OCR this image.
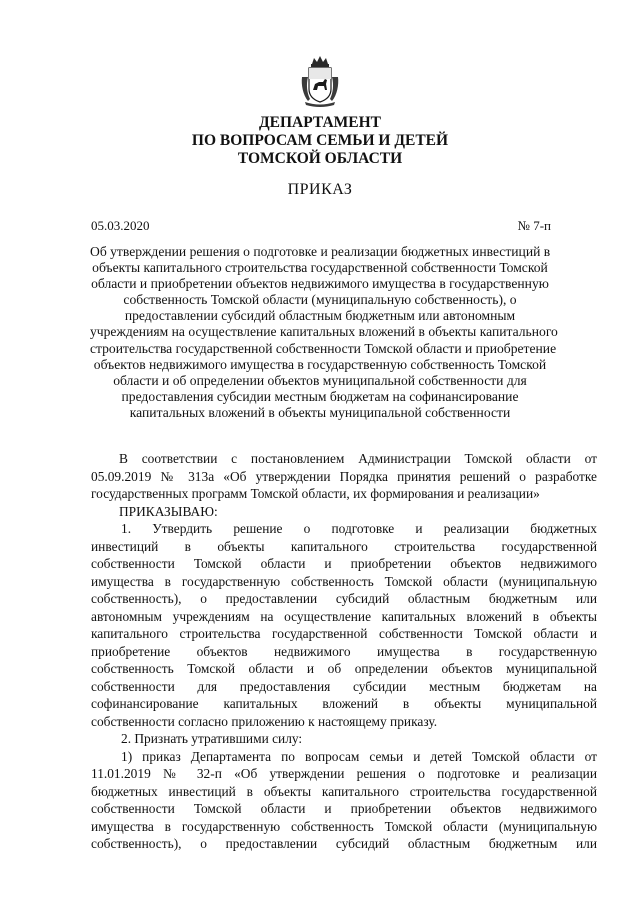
ДЕПАРТАМЕНТ
ПО ВОПРОСАМ СЕМЬИ И ДЕТЕЙ
ТОМСКОЙ ОБЛАСТИ
ПРИКАЗ
05.03.2020	№ 7-п
Об утверждении решения о подготовке и реализации бюджетных инвестиций в
объекты капитального строительства государственной собственности Томской
области и приобретении объектов недвижимого имущества в государственную
собственность Томской области (муниципальную собственность), о
предоставлении субсидий областным бюджетным или автономным
учреждениям на осуществление капитальных вложений в объекты капитального
строительства государственной собственности Томской области и приобретение
объектов недвижимого имущества в государственную собственность Томской
области и об определении объектов муниципальной собственности для
предоставления субсидии местным бюджетам на софинансирование
капитальных вложений в объекты муниципальной собственности
В соответствии с постановлением Администрации Томской области от
05.09.2019 № 313а «Об утверждении Порядка принятия решений о разработке
государственных программ Томской области, их формирования и реализации»
ПРИКАЗЫВАЮ:
1. Утвердить решение о подготовке и реализации бюджетных
инвестиций в объекты капитального строительства государственной
собственности Томской области и приобретении объектов недвижимого
имущества в государственную собственность Томской области (муниципальную
собственность), о предоставлении субсидий областным бюджетным или
автономным учреждениям на осуществление капитальных вложений в объекты
капитального строительства государственной собственности Томской области и
приобретение объектов недвижимого имущества в государственную
собственность Томской области и об определении объектов муниципальной
собственности для предоставления субсидии местным бюджетам на
софинансирование капитальных вложений в объекты муниципальной
собственности согласно приложению к настоящему приказу.
2. Признать утратившими силу:
1) приказ Департамента по вопросам семьи и детей Томской области от
11.01.2019 № 32-п «Об утверждении решения о подготовке и реализации
бюджетных инвестиций в объекты капитального строительства государственной
собственности Томской области и приобретении объектов недвижимого
имущества в государственную собственность Томской области (муниципальную
собственность), о предоставлении субсидий областным бюджетным или
